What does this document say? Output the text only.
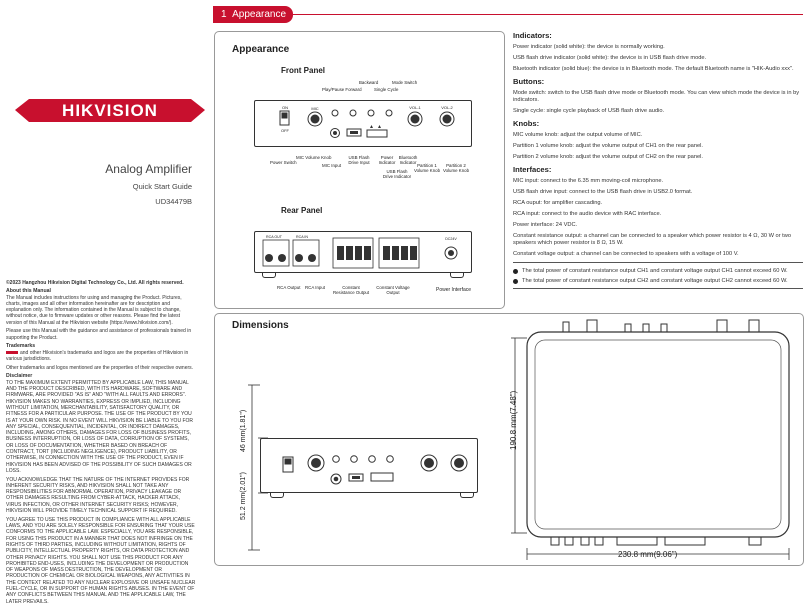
HIKVISION
Analog Amplifier
Quick Start Guide
UD34479B

©2023 Hangzhou Hikvision Digital Technology Co., Ltd. All rights reserved.

About this Manual

The Manual includes instructions for using and managing the Product. Pictures, charts, images and all other information hereinafter are for description and explanation only. The information contained in the Manual is subject to change, without notice, due to firmware updates or other reasons. Please find the latest version of this Manual at the Hikvision website (https://www.hikvision.com/).

Please use this Manual with the guidance and assistance of professionals trained in supporting the Product.

Trademarks

and other Hikvision's trademarks and logos are the properties of Hikvision in various jurisdictions.

Other trademarks and logos mentioned are the properties of their respective owners.

Disclaimer

TO THE MAXIMUM EXTENT PERMITTED BY APPLICABLE LAW, THIS MANUAL AND THE PRODUCT DESCRIBED, WITH ITS HARDWARE, SOFTWARE AND FIRMWARE, ARE PROVIDED "AS IS" AND "WITH ALL FAULTS AND ERRORS". HIKVISION MAKES NO WARRANTIES, EXPRESS OR IMPLIED, INCLUDING WITHOUT LIMITATION, MERCHANTABILITY, SATISFACTORY QUALITY, OR FITNESS FOR A PARTICULAR PURPOSE. THE USE OF THE PRODUCT BY YOU IS AT YOUR OWN RISK. IN NO EVENT WILL HIKVISION BE LIABLE TO YOU FOR ANY SPECIAL, CONSEQUENTIAL, INCIDENTAL, OR INDIRECT DAMAGES, INCLUDING, AMONG OTHERS, DAMAGES FOR LOSS OF BUSINESS PROFITS, BUSINESS INTERRUPTION, OR LOSS OF DATA, CORRUPTION OF SYSTEMS, OR LOSS OF DOCUMENTATION, WHETHER BASED ON BREACH OF CONTRACT, TORT (INCLUDING NEGLIGENCE), PRODUCT LIABILITY, OR OTHERWISE, IN CONNECTION WITH THE USE OF THE PRODUCT, EVEN IF HIKVISION HAS BEEN ADVISED OF THE POSSIBILITY OF SUCH DAMAGES OR LOSS.

YOU ACKNOWLEDGE THAT THE NATURE OF THE INTERNET PROVIDES FOR INHERENT SECURITY RISKS, AND HIKVISION SHALL NOT TAKE ANY RESPONSIBILITIES FOR ABNORMAL OPERATION, PRIVACY LEAKAGE OR OTHER DAMAGES RESULTING FROM CYBER-ATTACK, HACKER ATTACK, VIRUS INFECTION, OR OTHER INTERNET SECURITY RISKS; HOWEVER, HIKVISION WILL PROVIDE TIMELY TECHNICAL SUPPORT IF REQUIRED.

YOU AGREE TO USE THIS PRODUCT IN COMPLIANCE WITH ALL APPLICABLE LAWS, AND YOU ARE SOLELY RESPONSIBLE FOR ENSURING THAT YOUR USE CONFORMS TO THE APPLICABLE LAW. ESPECIALLY, YOU ARE RESPONSIBLE, FOR USING THIS PRODUCT IN A MANNER THAT DOES NOT INFRINGE ON THE RIGHTS OF THIRD PARTIES, INCLUDING WITHOUT LIMITATION, RIGHTS OF PUBLICITY, INTELLECTUAL PROPERTY RIGHTS, OR DATA PROTECTION AND OTHER PRIVACY RIGHTS. YOU SHALL NOT USE THIS PRODUCT FOR ANY PROHIBITED END-USES, INCLUDING THE DEVELOPMENT OR PRODUCTION OF WEAPONS OF MASS DESTRUCTION, THE DEVELOPMENT OR PRODUCTION OF CHEMICAL OR BIOLOGICAL WEAPONS, ANY ACTIVITIES IN THE CONTEXT RELATED TO ANY NUCLEAR EXPLOSIVE OR UNSAFE NUCLEAR FUEL-CYCLE, OR IN SUPPORT OF HUMAN RIGHTS ABUSES. IN THE EVENT OF ANY CONFLICTS BETWEEN THIS MANUAL AND THE APPLICABLE LAW, THE LATER PREVAILS.

1 Appearance
Appearance
Front Panel
Play/Pause Forward
Backward	Mode Switch
Single Cycle
ON
OFF
MIC	VOL-1	VOL-2
Power Switch
MIC Volume Knob
MIC Input
USB Flash Drive Input
Power Indicator
Bluetooth Indicator
USB Flash Drive Indicator
Partition 1 Volume Knob
Partition 2 Volume Knob
Rear Panel
RCA OUT	RCA IN	DC24V
RCA Output RCA Input	Constant Resistance Output
Constant Voltage Output	Power Interface
Indicators:

Power indicator (solid white): the device is normally working.

USB flash drive indicator (solid white): the device is in USB flash drive mode.

Bluetooth indicator (solid blue): the device is in Bluetooth mode. The default Bluetooth name is "HIK-Audio xxx".

Buttons:

Mode switch: switch to the USB flash drive mode or Bluetooth mode. You can view which mode the device is in by indicators.

Single cycle: single cycle playback of USB flash drive audio.

Knobs:

MIC volume knob: adjust the output volume of MIC.

Partition 1 volume knob: adjust the volume output of CH1 on the rear panel.

Partition 2 volume knob: adjust the volume output of CH2 on the rear panel.

Interfaces:

MIC input: connect to the 6.35 mm moving-coil microphone.

USB flash drive input: connect to the USB flash drive in USB2.0 format.

RCA ouput: for amplifier cascading.

RCA input: connect to the audio device with RAC interface.

Power interface: 24 VDC.

Constant resistance output: a channel can be connected to a speaker which power resistor is 4 Ω, 30 W or two speakers which power resistor is 8 Ω, 15 W.

Constant voltage output: a channel can be connected to speakers with a voltage of 100 V.

The total power of constant resistance output CH1 and constant voltage output CH1 cannot exceed 60 W.
The total power of constant resistance output CH2 and constant voltage output CH2 cannot exceed 60 W.
Dimensions
51.2 mm(2.01")
46 mm(1.81")	190.8 mm(7.48")
230.8 mm(9.06")
